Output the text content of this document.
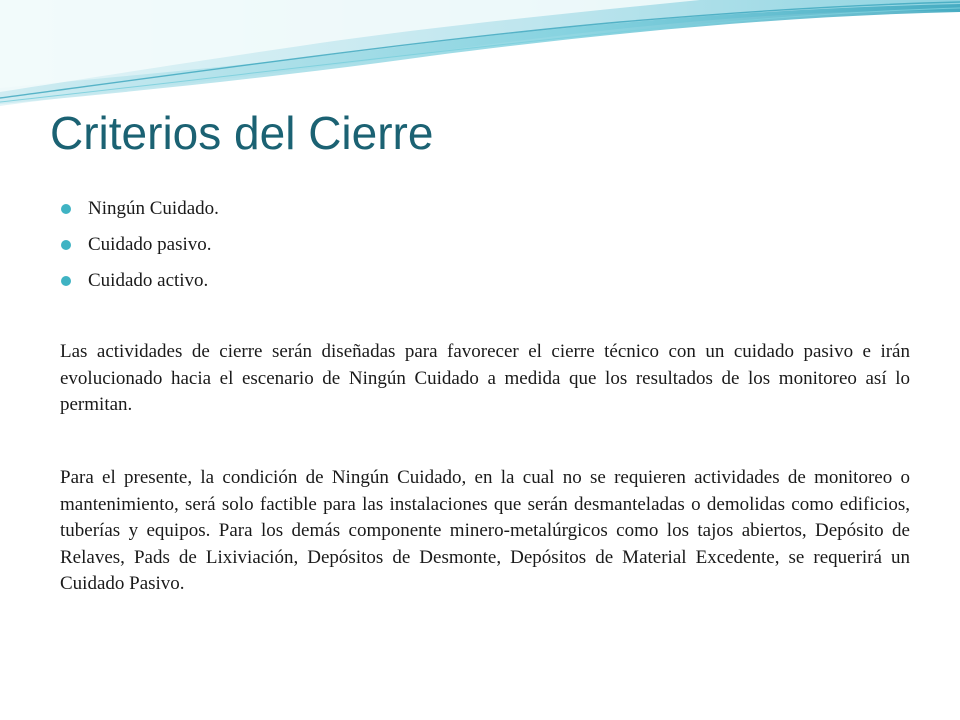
Criterios del Cierre
Ningún Cuidado.
Cuidado pasivo.
Cuidado activo.

Las actividades de cierre serán diseñadas para favorecer el cierre técnico con un cuidado pasivo e irán evolucionado hacia el escenario de Ningún Cuidado a medida que los resultados de los monitoreo así lo permitan.

Para el presente, la condición de Ningún Cuidado, en la cual no se requieren actividades de monitoreo o mantenimiento, será solo factible para las instalaciones que serán desmanteladas o demolidas como edificios, tuberías y equipos. Para los demás componente minero-metalúrgicos como los tajos abiertos, Depósito de Relaves, Pads de Lixiviación, Depósitos de Desmonte, Depósitos de Material Excedente, se requerirá un Cuidado Pasivo.
